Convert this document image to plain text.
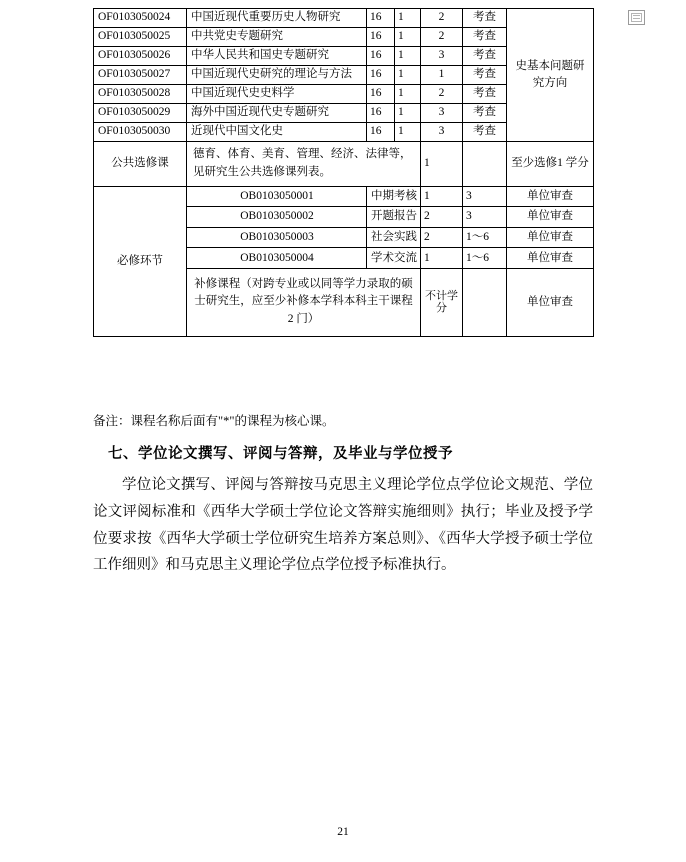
OF0103050024	中国近现代重要历史人物研究	16	1	2	考查	史基本问题研究方向
OF0103050025	中共党史专题研究	16	1	2	考查	
OF0103050026	中华人民共和国史专题研究	16	1	3	考查	
OF0103050027	中国近现代史研究的理论与方法	16	1	1	考查	
OF0103050028	中国近现代史史料学	16	1	2	考查	
OF0103050029	海外中国近现代史专题研究	16	1	3	考查	
OF0103050030	近现代中国文化史	16	1	3	考查	

公共选修课	德育、体育、美育、管理、经济、法律等，见研究生公共选修课列表。			1		至少选修1 学分

必修环节	OB0103050001	中期考核		1	3	单位审查
	OB0103050002	开题报告		2	3	单位审查
	OB0103050003	社会实践		2	1～6	单位审查
	OB0103050004	学术交流		1	1～6	单位审查
	补修课程（对跨专业或以同等学力录取的硕士研究生，应至少补修本学科本科主干课程 2 门）			不计学分		单位审查
备注：课程名称后面有"*"的课程为核心课。
七、学位论文撰写、评阅与答辩，及毕业与学位授予
学位论文撰写、评阅与答辩按马克思主义理论学位点学位论文规范、学位论文评阅标准和《西华大学硕士学位论文答辩实施细则》执行；毕业及授予学位要求按《西华大学硕士学位研究生培养方案总则》、《西华大学授予硕士学位工作细则》和马克思主义理论学位点学位授予标准执行。
21
